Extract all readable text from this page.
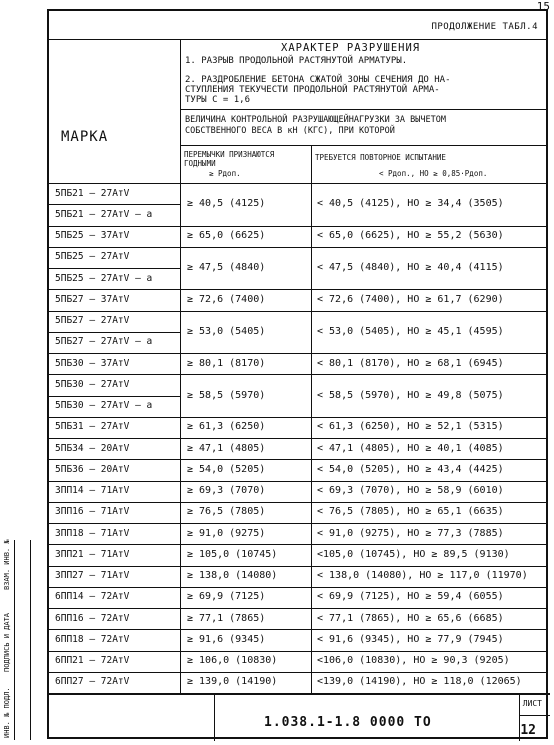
15
ПРОДОЛЖЕНИЕ ТАБЛ.4
МАРКА
ХАРАКТЕР РАЗРУШЕНИЯ
1. РАЗРЫВ ПРОДОЛЬНОЙ РАСТЯНУТОЙ АРМАТУРЫ.
2. РАЗДРОБЛЕНИЕ БЕТОНА СЖАТОЙ ЗОНЫ СЕЧЕНИЯ ДО НА-
СТУПЛЕНИЯ ТЕКУЧЕСТИ ПРОДОЛЬНОЙ РАСТЯНУТОЙ АРМА-
ТУРЫ C = 1,6
ВЕЛИЧИНА КОНТРОЛЬНОЙ РАЗРУШАЮЩЕЙНАГРУЗКИ ЗА ВЫЧЕТОМ
СОБСТВЕННОГО ВЕСА В кН (КГС), ПРИ КОТОРОЙ
ПЕРЕМЫЧКИ ПРИЗНАЮТСЯ
ГОДНЫМИ
≥ Pдоп.
ТРЕБУЕТСЯ ПОВТОРНОЕ ИСПЫТАНИЕ
< Pдоп., НО ≥ 0,85·Pдоп.
5ПБ21 – 27АтV
5ПБ21 – 27АтV – а
≥ 40,5 (4125)	< 40,5 (4125), НО ≥ 34,4 (3505)
5ПБ25 – 37АтV	≥ 65,0 (6625)	< 65,0 (6625), НО ≥ 55,2 (5630)
5ПБ25 – 27АтV
5ПБ25 – 27АтV – а
≥ 47,5 (4840)	< 47,5 (4840), НО ≥ 40,4 (4115)
5ПБ27 – 37АтV	≥ 72,6 (7400)	< 72,6 (7400), НО ≥ 61,7 (6290)
5ПБ27 – 27АтV
5ПБ27 – 27АтV – а
≥ 53,0 (5405)	< 53,0 (5405), НО ≥ 45,1 (4595)
5ПБ30 – 37АтV	≥ 80,1 (8170)	< 80,1 (8170), НО ≥ 68,1 (6945)
5ПБ30 – 27АтV
5ПБ30 – 27АтV – а
≥ 58,5 (5970)	< 58,5 (5970), НО ≥ 49,8 (5075)
5ПБ31 – 27АтV	≥ 61,3 (6250)	< 61,3 (6250), НО ≥ 52,1 (5315)
5ПБ34 – 20АтV	≥ 47,1 (4805)	< 47,1 (4805), НО ≥ 40,1 (4085)
5ПБ36 – 20АтV	≥ 54,0 (5205)	< 54,0 (5205), НО ≥ 43,4 (4425)
3ПП14 – 71АтV	≥ 69,3 (7070)	< 69,3 (7070), НО ≥ 58,9 (6010)
3ПП16 – 71АтV	≥ 76,5 (7805)	< 76,5 (7805), НО ≥ 65,1 (6635)
3ПП18 – 71АтV	≥ 91,0 (9275)	< 91,0 (9275), НО ≥ 77,3 (7885)
3ПП21 – 71АтV	≥ 105,0 (10745)	<105,0 (10745), НО ≥ 89,5 (9130)
3ПП27 – 71АтV	≥ 138,0 (14080)	< 138,0 (14080), НО ≥ 117,0 (11970)
6ПП14 – 72АтV	≥ 69,9 (7125)	< 69,9 (7125), НО ≥ 59,4 (6055)
6ПП16 – 72АтV	≥ 77,1 (7865)	< 77,1 (7865), НО ≥ 65,6 (6685)
6ПП18 – 72АтV	≥ 91,6 (9345)	< 91,6 (9345), НО ≥ 77,9 (7945)
6ПП21 – 72АтV	≥ 106,0 (10830)	<106,0 (10830), НО ≥ 90,3 (9205)
6ПП27 – 72АтV	≥ 139,0 (14190)	<139,0 (14190), НО ≥ 118,0 (12065)
1.038.1-1.8 0000 ТО
ЛИСТ
12
ИНВ. № ПОДЛ.
ПОДПИСЬ И ДАТА
ВЗАМ. ИНВ. №
